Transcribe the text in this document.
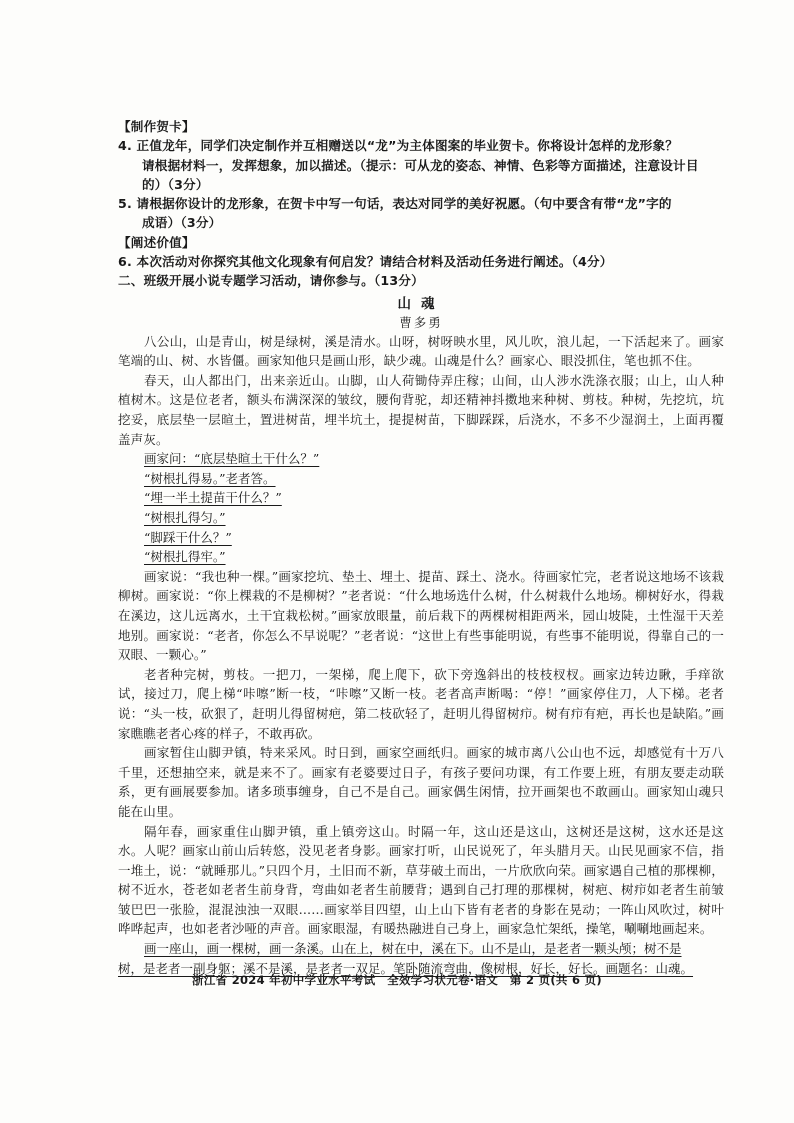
【制作贺卡】
4. 正值龙年，同学们决定制作并互相赠送以“龙”为主体图案的毕业贺卡。你将设计怎样的龙形象？
请根据材料一，发挥想象，加以描述。（提示：可从龙的姿态、神情、色彩等方面描述，注意设计目
的）（3分）
5. 请根据你设计的龙形象，在贺卡中写一句话，表达对同学的美好祝愿。（句中要含有带“龙”字的
成语）（3分）
【阐述价值】
6. 本次活动对你探究其他文化现象有何启发？请结合材料及活动任务进行阐述。（4分）
二、班级开展小说专题学习活动，请你参与。（13分）
山魂
曹多勇

八公山，山是青山，树是绿树，溪是清水。山呀，树呀映水里，风儿吹，浪儿起，一下活起来了。画家笔端的山、树、水皆僵。画家知他只是画山形，缺少魂。山魂是什么？画家心、眼没抓住，笔也抓不住。

春天，山人都出门，出来亲近山。山脚，山人荷锄侍弄庄稼；山间，山人涉水洗涤衣服；山上，山人种植树木。这是位老者，额头布满深深的皱纹，腰佝背驼，却还精神抖擞地来种树、剪枝。种树，先挖坑，坑挖妥，底层垫一层暄土，置进树苗，埋半坑土，提提树苗，下脚踩踩，后浇水，不多不少湿润土，上面再覆盖声灰。

画家问：“底层垫暄土干什么？”
“树根扎得易。”老者答。
“埋一半土提苗干什么？”
“树根扎得匀。”
“脚踩干什么？”
“树根扎得牢。”

画家说：“我也种一棵。”画家挖坑、垫土、埋土、提苗、踩土、浇水。待画家忙完，老者说这地场不该栽柳树。画家说：“你上棵栽的不是柳树？”老者说：“什么地场选什么树，什么树栽什么地场。柳树好水，得栽在溪边，这儿远离水，土干宜栽松树。”画家放眼量，前后栽下的两棵树相距两米，园山坡陡，土性湿干天差地别。画家说：“老者，你怎么不早说呢？”老者说：“这世上有些事能明说，有些事不能明说，得靠自己的一双眼、一颗心。”

老者种完树，剪枝。一把刀，一架梯，爬上爬下，砍下旁逸斜出的枝枝杈杈。画家边转边瞅，手痒欲试，接过刀，爬上梯“咔嚓”断一枝，“咔嚓”又断一枝。老者高声断喝：“停！”画家停住刀，人下梯。老者说：“头一枝，砍狠了，赶明儿得留树疤，第二枝砍轻了，赶明儿得留树疖。树有疖有疤，再长也是缺陷。”画家瞧瞧老者心疼的样子，不敢再砍。

画家暂住山脚尹镇，特来采风。时日到，画家空画纸归。画家的城市离八公山也不远，却感觉有十万八千里，还想抽空来，就是来不了。画家有老婆要过日子，有孩子要问功课，有工作要上班，有朋友要走动联系，更有画展要参加。诸多琐事缠身，自己不是自己。画家偶生闲情，拉开画架也不敢画山。画家知山魂只能在山里。

隔年春，画家重住山脚尹镇，重上镇旁这山。时隔一年，这山还是这山，这树还是这树，这水还是这水。人呢？画家山前山后转悠，没见老者身影。画家打听，山民说死了，年头腊月天。山民见画家不信，指一堆土，说：“就睡那儿。”只四个月，土旧而不新，草芽破土而出，一片欣欣向荣。画家遇自己植的那棵柳，树不近水，苍老如老者生前身背，弯曲如老者生前腰背；遇到自己打理的那棵树，树疤、树疖如老者生前皱皱巴巴一张脸，混混浊浊一双眼……画家举目四望，山上山下皆有老者的身影在晃动；一阵山风吹过，树叶哗哗起声，也如老者沙哑的声音。画家眼湿，有暖热融进自己身上，画家急忙架纸，操笔，唰唰地画起来。

画一座山，画一棵树，画一条溪。山在上，树在中，溪在下。山不是山，是老者一颗头颅；树不是
树，是老者一副身躯；溪不是溪，是老者一双足。笔卧随流弯曲，像树根，好长，好长。画题名：山魂。
浙江省 2024 年初中学业水平考试　全效学习状元卷·语文　第 2 页(共 6 页)
